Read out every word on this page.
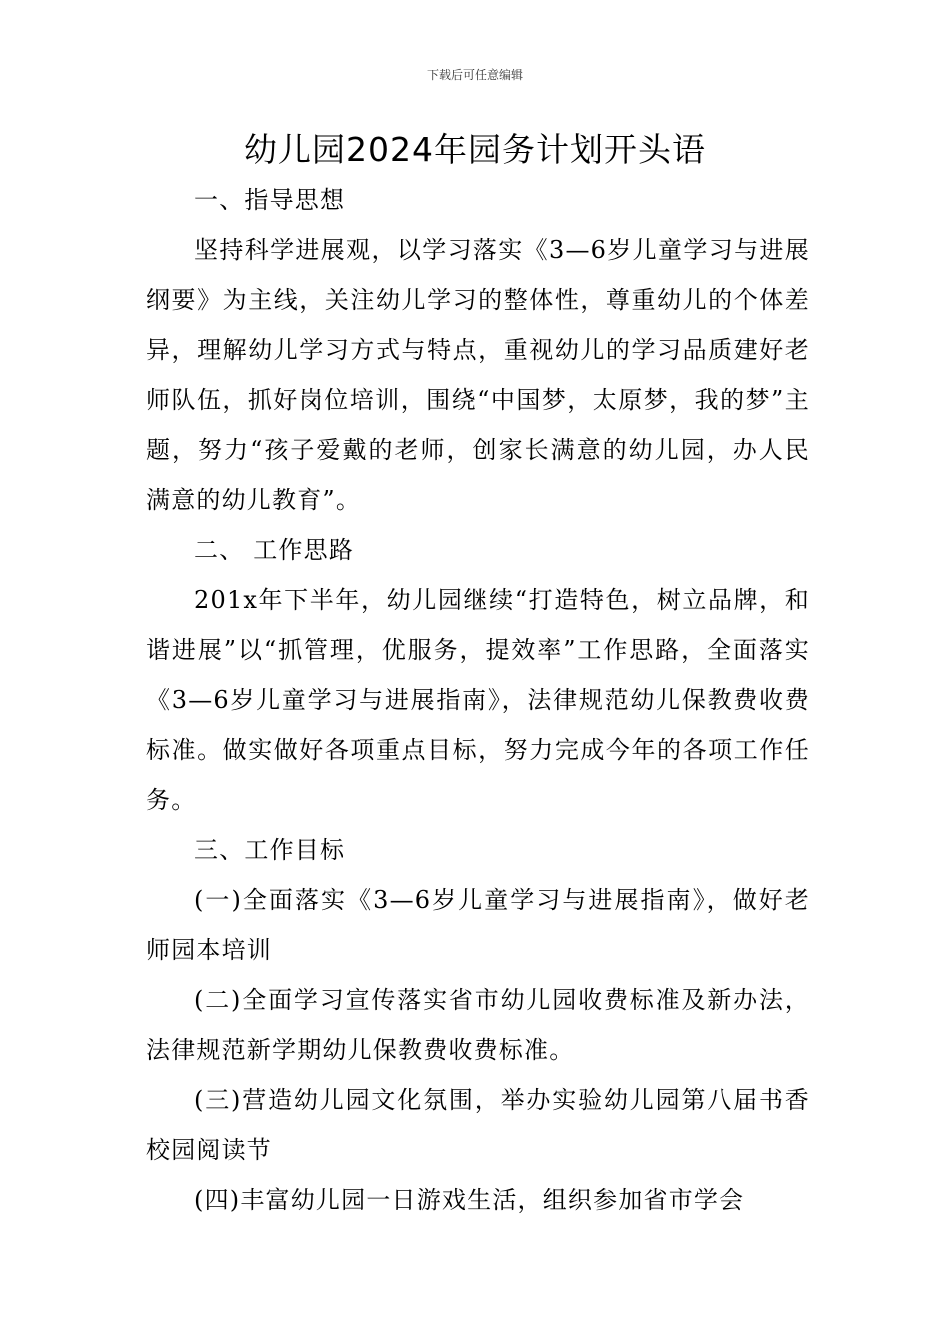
下载后可任意编辑
幼儿园2024年园务计划开头语

一、指导思想

坚持科学进展观，以学习落实《3—6岁儿童学习与进展纲要》为主线，关注幼儿学习的整体性，尊重幼儿的个体差异，理解幼儿学习方式与特点，重视幼儿的学习品质建好老师队伍，抓好岗位培训，围绕“中国梦，太原梦，我的梦”主题，努力“孩子爱戴的老师，创家长满意的幼儿园，办人民满意的幼儿教育”。

二、 工作思路

201x年下半年，幼儿园继续“打造特色，树立品牌，和谐进展”以“抓管理，优服务，提效率”工作思路，全面落实《3—6岁儿童学习与进展指南》，法律规范幼儿保教费收费标准。做实做好各项重点目标，努力完成今年的各项工作任务。

三、工作目标

(一)全面落实《3—6岁儿童学习与进展指南》，做好老师园本培训

(二)全面学习宣传落实省市幼儿园收费标准及新办法，法律规范新学期幼儿保教费收费标准。

(三)营造幼儿园文化氛围，举办实验幼儿园第八届书香校园阅读节

(四)丰富幼儿园一日游戏生活，组织参加省市学会
